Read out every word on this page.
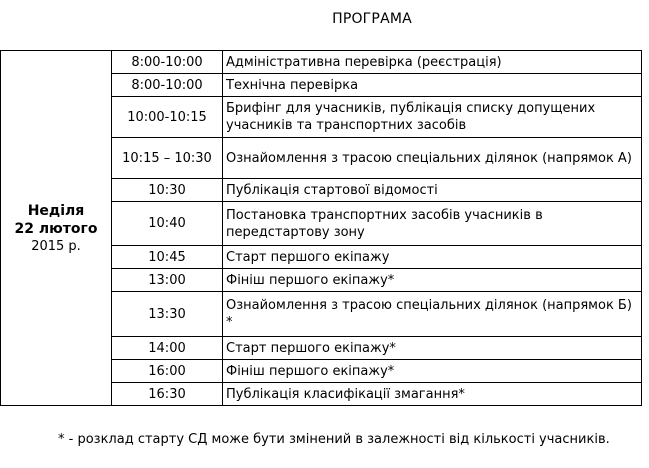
ПРОГРАМА
Неділя
22 лютого
2015 р.	8:00-10:00	Адміністративна перевірка (реєстрація)
	8:00-10:00	Технічна перевірка
	10:00-10:15	Брифінг для учасників, публікація списку допущених учасників та транспортних засобів
	10:15 – 10:30	Ознайомлення з трасою спеціальних ділянок (напрямок А)
	10:30	Публікація стартової відомості
	10:40	Постановка транспортних засобів учасників в передстартову зону
	10:45	Старт першого екіпажу
	13:00	Фініш першого екіпажу*
	13:30	Ознайомлення з трасою спеціальних ділянок (напрямок Б) *
	14:00	Старт першого екіпажу*
	16:00	Фініш першого екіпажу*
	16:30	Публікація класифікації змагання*
* - розклад старту СД може бути змінений в залежності від кількості учасників.
